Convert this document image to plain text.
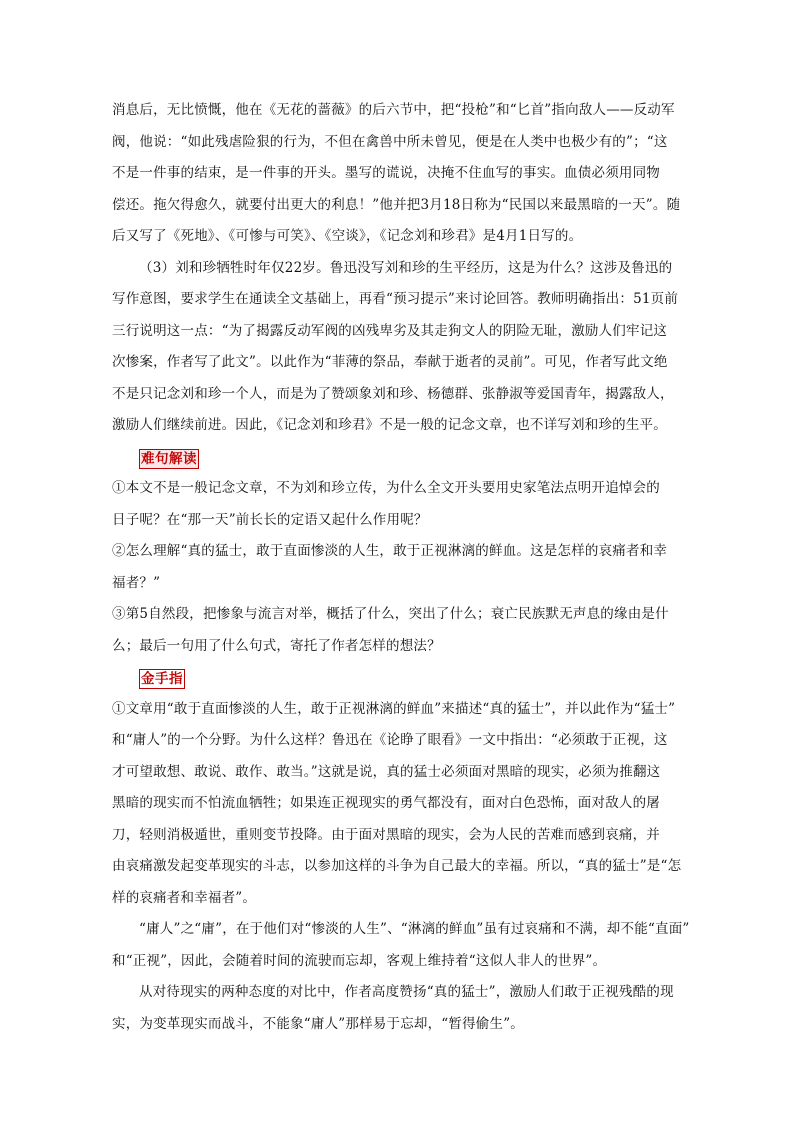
消息后，无比愤慨，他在《无花的蔷薇》的后六节中，把“投枪”和“匕首”指向敌人——反动军
阀，他说：“如此残虐险狠的行为，不但在禽兽中所未曾见，便是在人类中也极少有的”；“这
不是一件事的结束，是一件事的开头。墨写的谎说，决掩不住血写的事实。血债必须用同物
偿还。拖欠得愈久，就要付出更大的利息！”他并把3月18日称为“民国以来最黑暗的一天”。随
后又写了《死地》、《可惨与可笑》、《空谈》，《记念刘和珍君》是4月1日写的。
（3）刘和珍牺牲时年仅22岁。鲁迅没写刘和珍的生平经历，这是为什么？这涉及鲁迅的
写作意图，要求学生在通读全文基础上，再看“预习提示”来讨论回答。教师明确指出：51页前
三行说明这一点：“为了揭露反动军阀的凶残卑劣及其走狗文人的阴险无耻，激励人们牢记这
次惨案，作者写了此文”。以此作为“菲薄的祭品，奉献于逝者的灵前”。可见，作者写此文绝
不是只记念刘和珍一个人，而是为了赞颂象刘和珍、杨德群、张静淑等爱国青年，揭露敌人，
激励人们继续前进。因此，《记念刘和珍君》不是一般的记念文章，也不详写刘和珍的生平。
难句解读
①本文不是一般记念文章，不为刘和珍立传，为什么全文开头要用史家笔法点明开追悼会的
日子呢？在“那一天”前长长的定语又起什么作用呢？
②怎么理解“真的猛士，敢于直面惨淡的人生，敢于正视淋漓的鲜血。这是怎样的哀痛者和幸
福者？”
③第5自然段，把惨象与流言对举，概括了什么，突出了什么；衰亡民族默无声息的缘由是什
么；最后一句用了什么句式，寄托了作者怎样的想法？
金手指
①文章用“敢于直面惨淡的人生，敢于正视淋漓的鲜血”来描述“真的猛士”，并以此作为“猛士”
和“庸人”的一个分野。为什么这样？鲁迅在《论睁了眼看》一文中指出：“必须敢于正视，这
才可望敢想、敢说、敢作、敢当。”这就是说，真的猛士必须面对黑暗的现实，必须为推翻这
黑暗的现实而不怕流血牺牲；如果连正视现实的勇气都没有，面对白色恐怖，面对敌人的屠
刀，轻则消极遁世，重则变节投降。由于面对黑暗的现实，会为人民的苦难而感到哀痛，并
由哀痛激发起变革现实的斗志，以参加这样的斗争为自己最大的幸福。所以，“真的猛士”是“怎
样的哀痛者和幸福者”。
“庸人”之“庸”，在于他们对“惨淡的人生”、“淋漓的鲜血”虽有过哀痛和不满，却不能“直面”
和“正视”，因此，会随着时间的流驶而忘却，客观上维持着“这似人非人的世界”。
从对待现实的两种态度的对比中，作者高度赞扬“真的猛士”，激励人们敢于正视残酷的现
实，为变革现实而战斗，不能象“庸人”那样易于忘却，“暂得偷生”。
